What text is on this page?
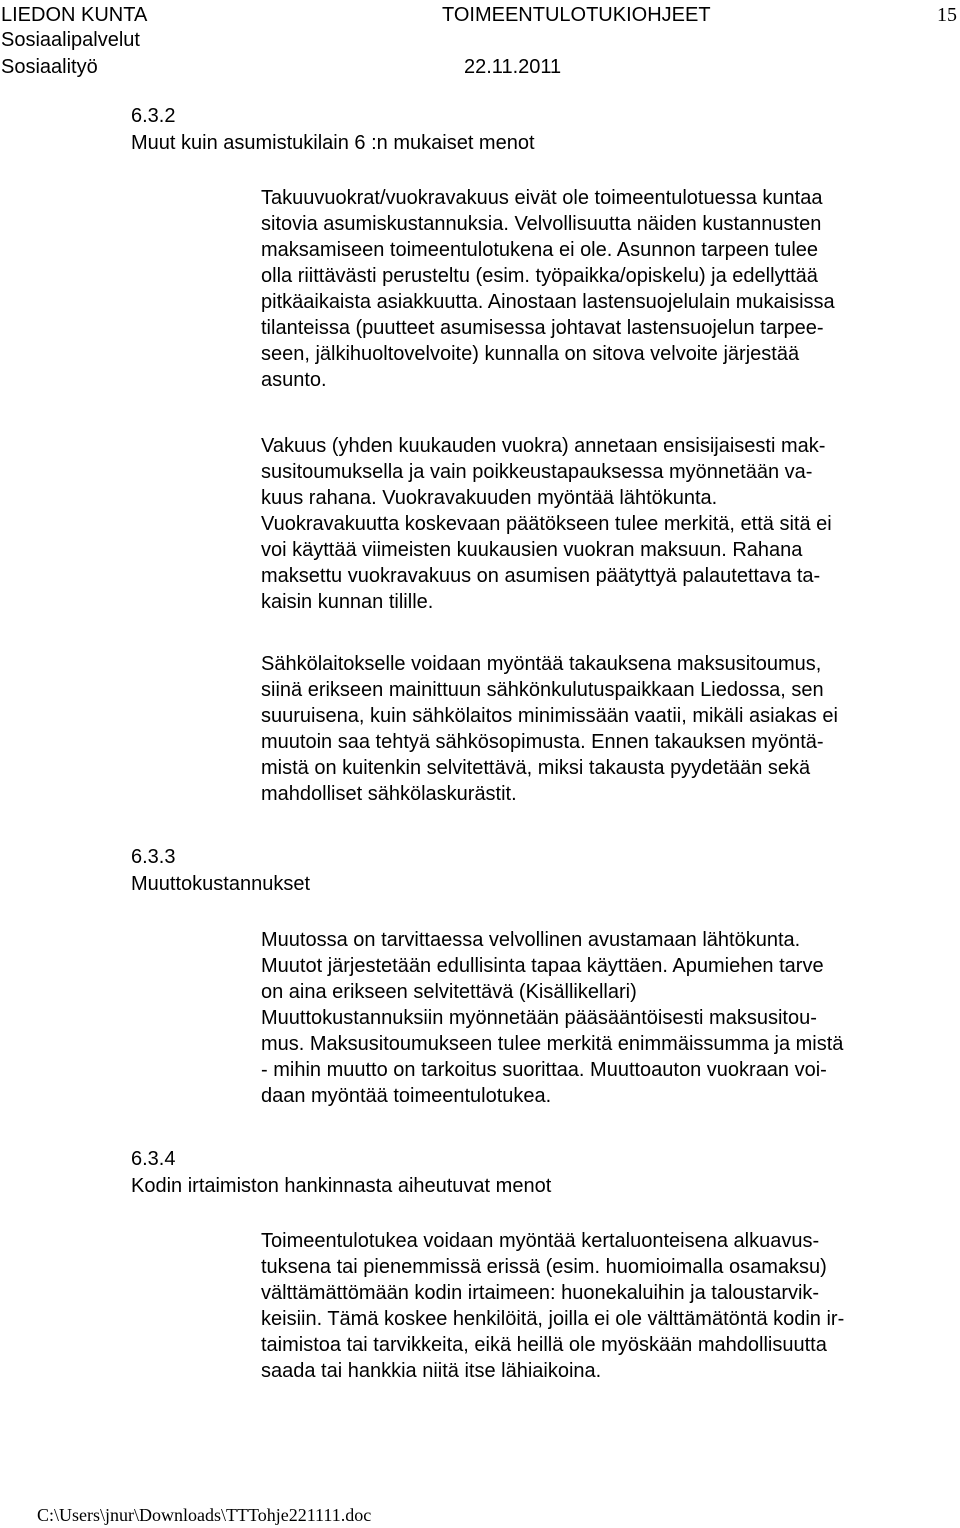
LIEDON KUNTA	TOIMEENTULOTUKIOHJEET	15
Sosiaalipalvelut
Sosiaalityö	22.11.2011
6.3.2
Muut kuin asumistukilain 6 :n mukaiset menot
Takuuvuokrat/vuokravakuus eivät ole toimeentulotuessa kuntaa
sitovia asumiskustannuksia. Velvollisuutta näiden kustannusten
maksamiseen toimeentulotukena ei ole. Asunnon tarpeen tulee
olla riittävästi perusteltu (esim. työpaikka/opiskelu) ja edellyttää
pitkäaikaista asiakkuutta. Ainostaan lastensuojelulain mukaisissa
tilanteissa (puutteet asumisessa johtavat lastensuojelun tarpee-
seen, jälkihuoltovelvoite) kunnalla on sitova velvoite järjestää
asunto.
Vakuus (yhden kuukauden vuokra) annetaan ensisijaisesti mak-
susitoumuksella ja vain poikkeustapauksessa myönnetään va-
kuus rahana. Vuokravakuuden myöntää lähtökunta.
Vuokravakuutta koskevaan päätökseen tulee merkitä, että sitä ei
voi käyttää viimeisten kuukausien vuokran maksuun. Rahana
maksettu vuokravakuus on asumisen päätyttyä palautettava ta-
kaisin kunnan tilille.
Sähkölaitokselle voidaan myöntää takauksena maksusitoumus,
siinä erikseen mainittuun sähkönkulutuspaikkaan Liedossa, sen
suuruisena, kuin sähkölaitos minimissään vaatii, mikäli asiakas ei
muutoin saa tehtyä sähkösopimusta. Ennen takauksen myöntä-
mistä on kuitenkin selvitettävä, miksi takausta pyydetään sekä
mahdolliset sähkölaskurästit.
6.3.3
Muuttokustannukset
Muutossa on tarvittaessa velvollinen avustamaan lähtökunta.
Muutot järjestetään edullisinta tapaa käyttäen. Apumiehen tarve
on aina erikseen selvitettävä (Kisällikellari)
Muuttokustannuksiin myönnetään pääsääntöisesti maksusitou-
mus. Maksusitoumukseen tulee merkitä enimmäissumma ja mistä
- mihin muutto on tarkoitus suorittaa. Muuttoauton vuokraan voi-
daan myöntää toimeentulotukea.
6.3.4
Kodin irtaimiston hankinnasta aiheutuvat menot
Toimeentulotukea voidaan myöntää kertaluonteisena alkuavus-
tuksena tai pienemmissä erissä (esim. huomioimalla osamaksu)
välttämättömään kodin irtaimeen: huonekaluihin ja taloustarvik-
keisiin. Tämä koskee henkilöitä, joilla ei ole välttämätöntä kodin ir-
taimistoa tai tarvikkeita, eikä heillä ole myöskään mahdollisuutta
saada tai hankkia niitä itse lähiaikoina.
C:\Users\jnur\Downloads\TTTohje221111.doc
